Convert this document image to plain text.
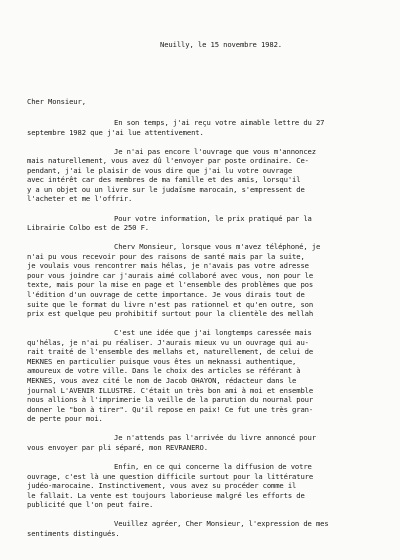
Neuilly, le 15 novembre 1982.
Cher Monsieur,
En son temps, j'ai reçu votre aimable lettre du 27
septembre 1982 que j'ai lue attentivement.
Je n'ai pas encore l'ouvrage que vous m'annoncez
mais naturellement, vous avez dû l'envoyer par poste ordinaire. Ce-
pendant, j'ai le plaisir de vous dire que j'ai lu votre ouvrage
avec intérêt car des membres de ma famille et des amis, lorsqu'il
y a un objet ou un livre sur le judaïsme marocain, s'empressent de
l'acheter et me l'offrir.
Pour votre information, le prix pratiqué par la
Librairie Colbo est de 250 F.
Cherv Monsieur, lorsque vous m'avez téléphoné, je
n'ai pu vous recevoir pour des raisons de santé mais par la suite,
je voulais vous rencontrer mais hélas, je n'avais pas votre adresse
pour vous joindre car j'aurais aimé collaboré avec vous, non pour le
texte, mais pour la mise en page et l'ensemble des problèmes que pos
l'édition d'un ouvrage de cette importance. Je vous dirais tout de
suite que le format du livre n'est pas rationnel et qu'en outre, son
prix est quelque peu prohibitif surtout pour la clientèle des mellah
C'est une idée que j'ai longtemps caressée mais
qu'hélas, je n'ai pu réaliser. J'aurais mieux vu un ouvrage qui au-
rait traité de l'ensemble des mellahs et, naturellement, de celui de
MEKNES en particulier puisque vous êtes un meknassi authentique,
amoureux de votre ville. Dans le choix des articles se référant à
MEKNES, vous avez cité le nom de Jacob OHAYON, rédacteur dans le
journal L'AVENIR ILLUSTRE. C'était un très bon ami à moi et ensemble
nous allions à l'imprimerie la veille de la parution du nournal pour
donner le "bon à tirer". Qu'il repose en paix! Ce fut une très gran-
de perte pour moi.
Je n'attends pas l'arrivée du livre annoncé pour
vous envoyer par pli séparé, mon REVRANERO.
Enfin, en ce qui concerne la diffusion de votre
ouvrage, c'est là une question difficile surtout pour la littérature
judéo-marocaine. Instinctivement, vous avez su procéder comme il
le fallait. La vente est toujours laborieuse malgré les efforts de
publicité que l'on peut faire.
Veuillez agréer, Cher Monsieur, l'expression de mes
sentiments distingués.
